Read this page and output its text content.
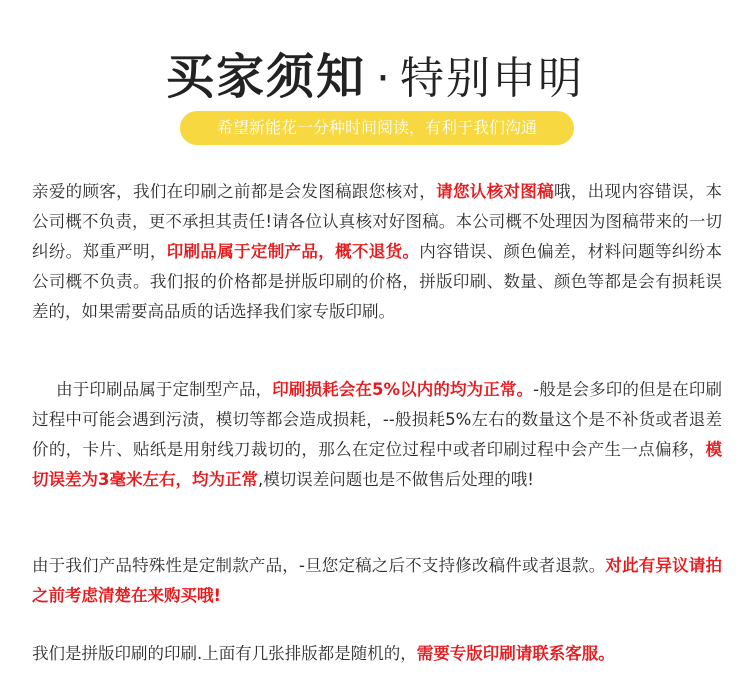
买家须知 · 特别申明
希望新能花一分种时间阅读，有利于我们沟通
亲爱的顾客，我们在印刷之前都是会发图稿跟您核对，请您认核对图稿哦，出现内容错误，本公司概不负责，更不承担其责任!请各位认真核对好图稿。本公司概不处理因为图稿带来的一切纠纷。郑重严明，印刷品属于定制产品，概不退货。内容错误、颜色偏差，材料问题等纠纷本公司概不负责。我们报的价格都是拼版印刷的价格，拼版印刷、数量、颜色等都是会有损耗误差的，如果需要高品质的话选择我们家专版印刷。
由于印刷品属于定制型产品，印刷损耗会在5%以内的均为正常。-般是会多印的但是在印刷过程中可能会遇到污渍，模切等都会造成损耗，--般损耗5%左右的数量这个是不补货或者退差价的，卡片、贴纸是用射线刀裁切的，那么在定位过程中或者印刷过程中会产生一点偏移，模切误差为3毫米左右，均为正常,模切误差问题也是不做售后处理的哦!
由于我们产品特殊性是定制款产品，-旦您定稿之后不支持修改稿件或者退款。对此有异议请拍之前考虑清楚在来购买哦!
我们是拼版印刷的印刷.上面有几张排版都是随机的，需要专版印刷请联系客服。
